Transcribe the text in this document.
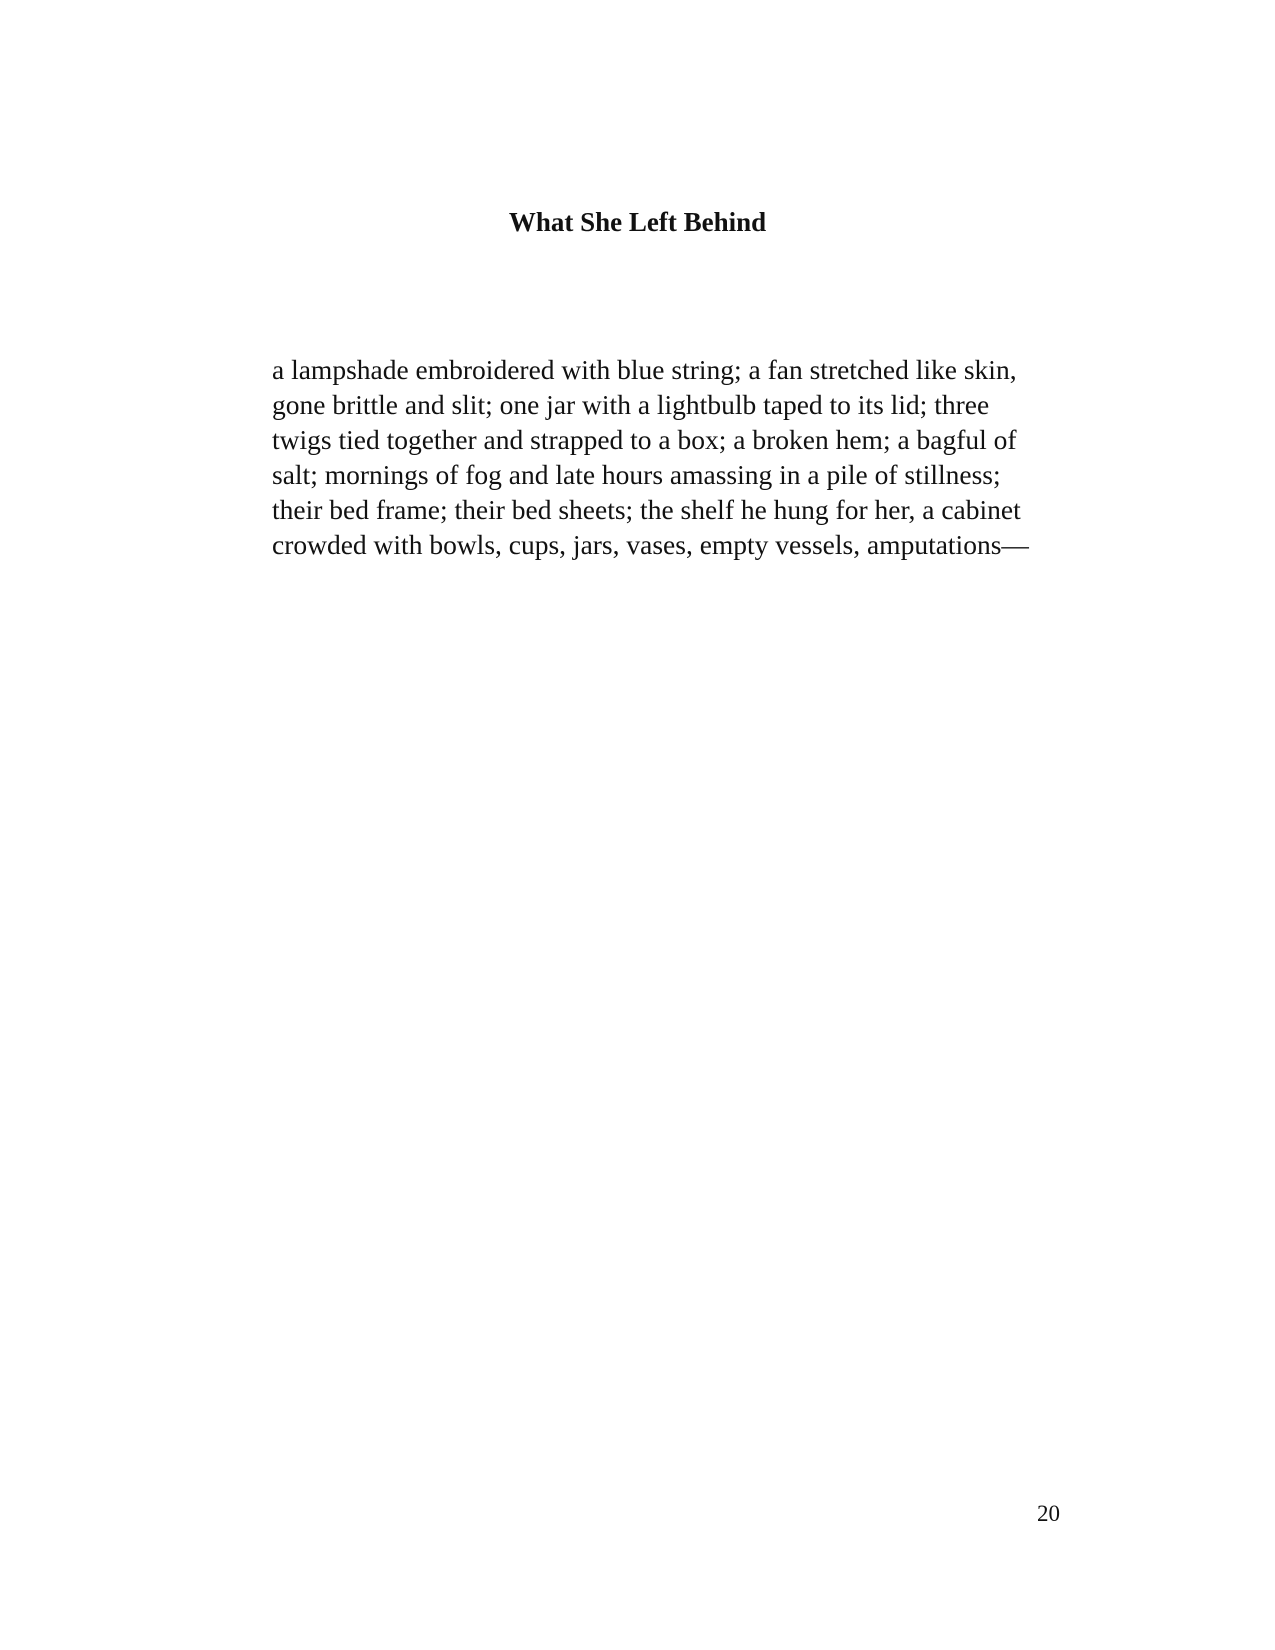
What She Left Behind
a lampshade embroidered with blue string; a fan stretched like skin,
gone brittle and slit; one jar with a lightbulb taped to its lid; three
twigs tied together and strapped to a box; a broken hem; a bagful of
salt; mornings of fog and late hours amassing in a pile of stillness;
their bed frame; their bed sheets; the shelf he hung for her, a cabinet
crowded with bowls, cups, jars, vases, empty vessels, amputations—
20
